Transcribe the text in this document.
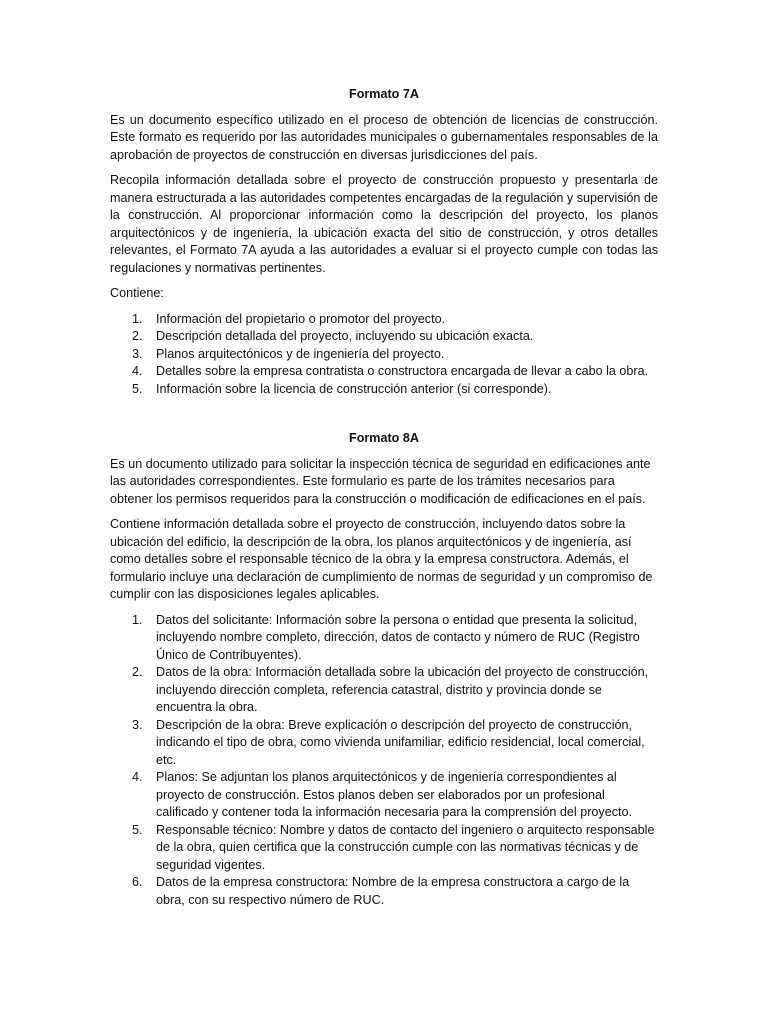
Formato 7A

Es un documento específico utilizado en el proceso de obtención de licencias de construcción. Este formato es requerido por las autoridades municipales o gubernamentales responsables de la aprobación de proyectos de construcción en diversas jurisdicciones del país.

Recopila información detallada sobre el proyecto de construcción propuesto y presentarla de manera estructurada a las autoridades competentes encargadas de la regulación y supervisión de la construcción. Al proporcionar información como la descripción del proyecto, los planos arquitectónicos y de ingeniería, la ubicación exacta del sitio de construcción, y otros detalles relevantes, el Formato 7A ayuda a las autoridades a evaluar si el proyecto cumple con todas las regulaciones y normativas pertinentes.

Contiene:

1. Información del propietario o promotor del proyecto.
2. Descripción detallada del proyecto, incluyendo su ubicación exacta.
3. Planos arquitectónicos y de ingeniería del proyecto.
4. Detalles sobre la empresa contratista o constructora encargada de llevar a cabo la obra.
5. Información sobre la licencia de construcción anterior (si corresponde).
Formato 8A

Es un documento utilizado para solicitar la inspección técnica de seguridad en edificaciones ante las autoridades correspondientes. Este formulario es parte de los trámites necesarios para obtener los permisos requeridos para la construcción o modificación de edificaciones en el país.

Contiene información detallada sobre el proyecto de construcción, incluyendo datos sobre la ubicación del edificio, la descripción de la obra, los planos arquitectónicos y de ingeniería, así como detalles sobre el responsable técnico de la obra y la empresa constructora. Además, el formulario incluye una declaración de cumplimiento de normas de seguridad y un compromiso de cumplir con las disposiciones legales aplicables.

1. Datos del solicitante: Información sobre la persona o entidad que presenta la solicitud, incluyendo nombre completo, dirección, datos de contacto y número de RUC (Registro Único de Contribuyentes).
2. Datos de la obra: Información detallada sobre la ubicación del proyecto de construcción, incluyendo dirección completa, referencia catastral, distrito y provincia donde se encuentra la obra.
3. Descripción de la obra: Breve explicación o descripción del proyecto de construcción, indicando el tipo de obra, como vivienda unifamiliar, edificio residencial, local comercial, etc.
4. Planos: Se adjuntan los planos arquitectónicos y de ingeniería correspondientes al proyecto de construcción. Estos planos deben ser elaborados por un profesional calificado y contener toda la información necesaria para la comprensión del proyecto.
5. Responsable técnico: Nombre y datos de contacto del ingeniero o arquitecto responsable de la obra, quien certifica que la construcción cumple con las normativas técnicas y de seguridad vigentes.
6. Datos de la empresa constructora: Nombre de la empresa constructora a cargo de la obra, con su respectivo número de RUC.
